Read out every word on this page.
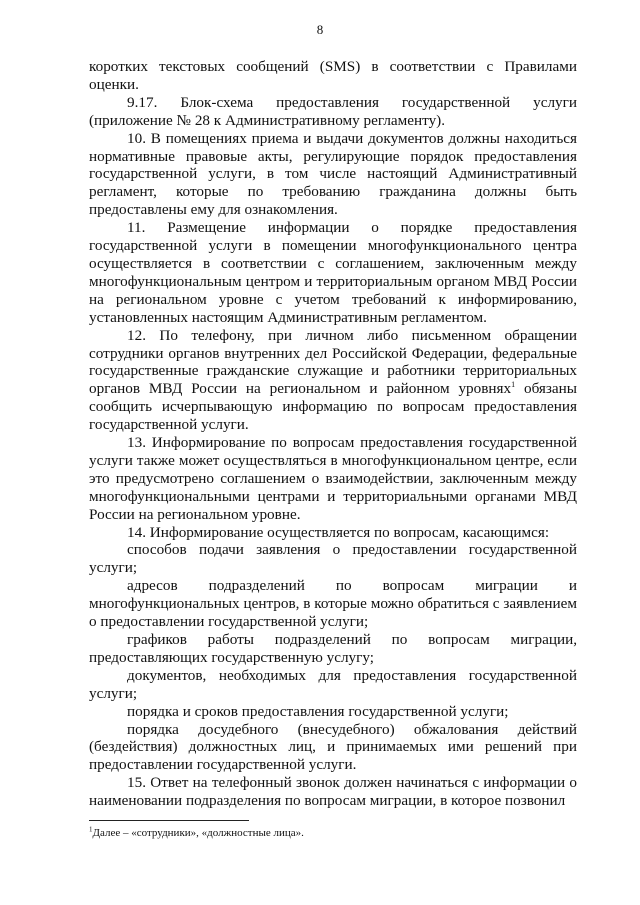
8

коротких текстовых сообщений (SMS) в соответствии с Правилами оценки.

9.17. Блок-схема предоставления государственной услуги (приложение № 28 к Административному регламенту).

10. В помещениях приема и выдачи документов должны находиться нормативные правовые акты, регулирующие порядок предоставления государственной услуги, в том числе настоящий Административный регламент, которые по требованию гражданина должны быть предоставлены ему для ознакомления.

11. Размещение информации о порядке предоставления государственной услуги в помещении многофункционального центра осуществляется в соответствии с соглашением, заключенным между многофункциональным центром и территориальным органом МВД России на региональном уровне с учетом требований к информированию, установленных настоящим Административным регламентом.

12. По телефону, при личном либо письменном обращении сотрудники органов внутренних дел Российской Федерации, федеральные государственные гражданские служащие и работники территориальных органов МВД России на региональном и районном уровнях$^1$ обязаны сообщить исчерпывающую информацию по вопросам предоставления государственной услуги.

13. Информирование по вопросам предоставления государственной услуги также может осуществляться в многофункциональном центре, если это предусмотрено соглашением о взаимодействии, заключенным между многофункциональными центрами и территориальными органами МВД России на региональном уровне.

14. Информирование осуществляется по вопросам, касающимся:

способов подачи заявления о предоставлении государственной услуги;

адресов подразделений по вопросам миграции и многофункциональных центров, в которые можно обратиться с заявлением о предоставлении государственной услуги;

графиков работы подразделений по вопросам миграции, предоставляющих государственную услугу;

документов, необходимых для предоставления государственной услуги;

порядка и сроков предоставления государственной услуги;

порядка досудебного (внесудебного) обжалования действий (бездействия) должностных лиц, и принимаемых ими решений при предоставлении государственной услуги.

15. Ответ на телефонный звонок должен начинаться с информации о наименовании подразделения по вопросам миграции, в которое позвонил

$^1$Далее – «сотрудники», «должностные лица».
